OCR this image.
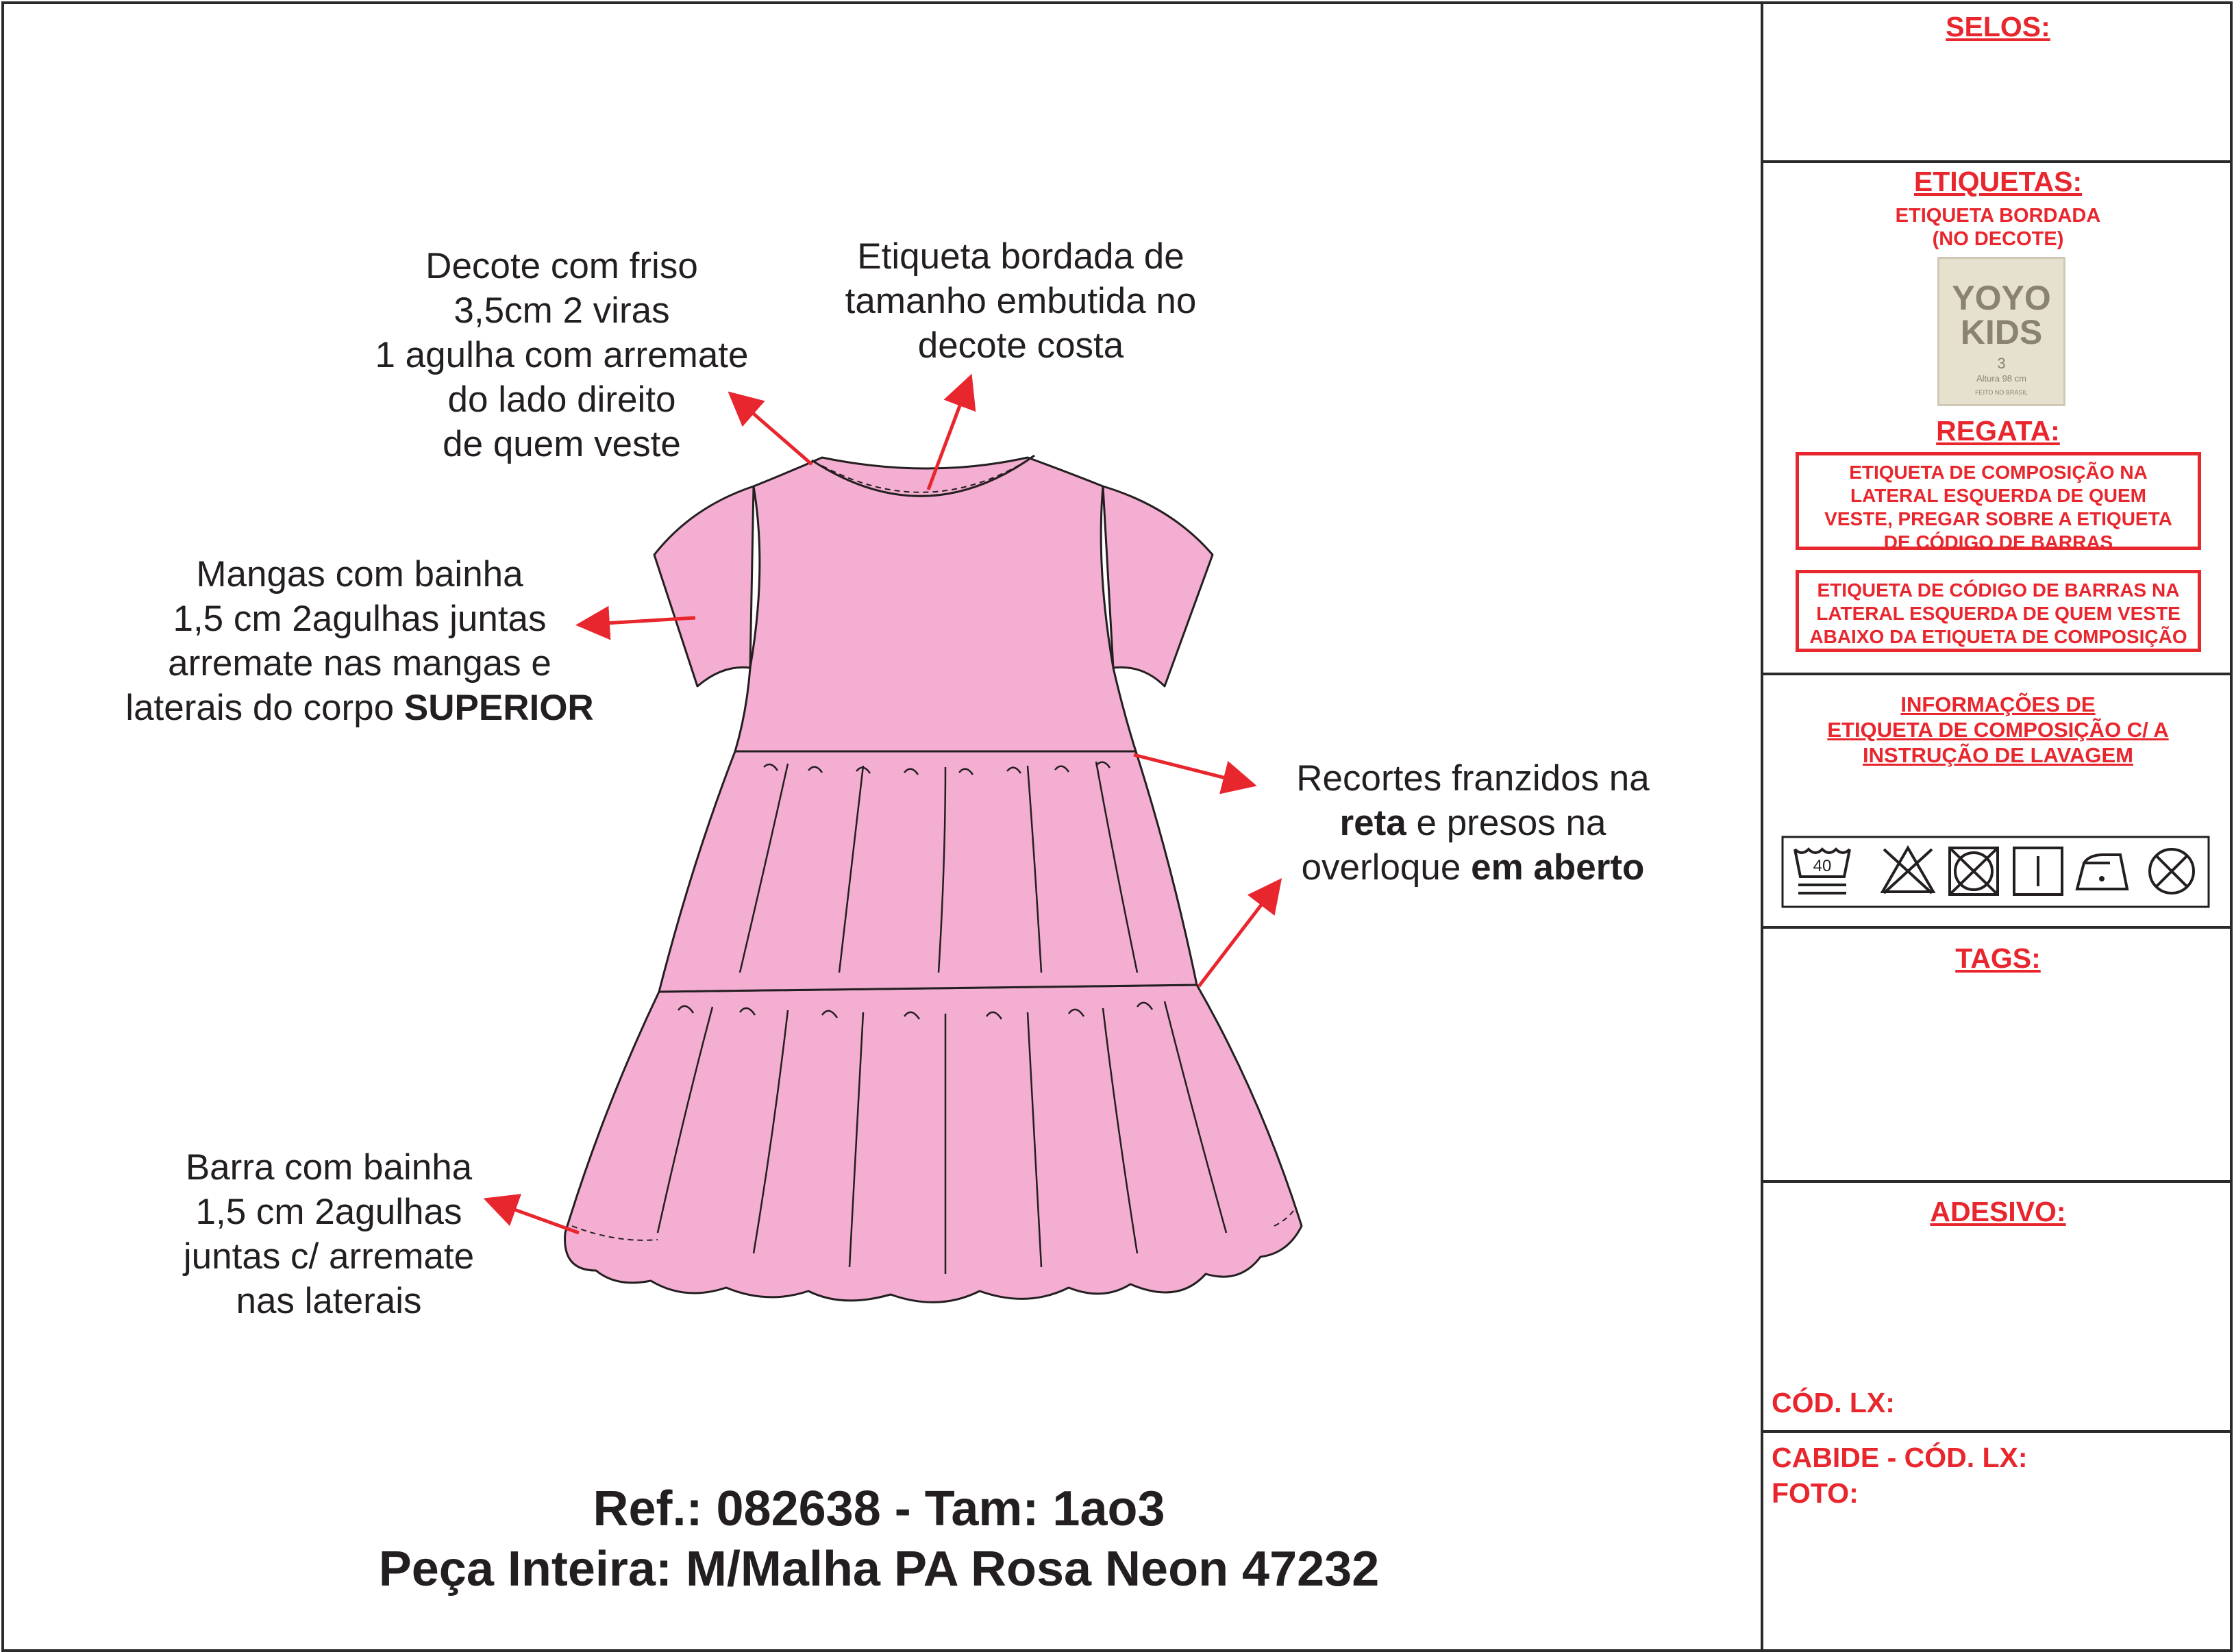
Decote com friso
3,5cm 2 viras
1 agulha com arremate
do lado direito
de quem veste
Etiqueta bordada de
tamanho embutida no
decote costa
Mangas com bainha
1,5 cm 2agulhas juntas
arremate nas mangas e
laterais do corpo SUPERIOR
Recortes franzidos na
reta e presos na
overloque em aberto
Barra com bainha
1,5 cm 2agulhas
juntas c/ arremate
nas laterais
Ref.: 082638 - Tam: 1ao3
Peça Inteira: M/Malha PA Rosa Neon 47232
SELOS:
ETIQUETAS:
ETIQUETA BORDADA
(NO DECOTE)
YOYO
KIDS
3
Altura 98 cm
FEITO NO BRASIL
REGATA:
ETIQUETA DE COMPOSIÇÃO NA
LATERAL ESQUERDA DE QUEM
VESTE, PREGAR SOBRE A ETIQUETA
DE CÓDIGO DE BARRAS
ETIQUETA DE CÓDIGO DE BARRAS NA
LATERAL ESQUERDA DE QUEM VESTE
ABAIXO DA ETIQUETA DE COMPOSIÇÃO
INFORMAÇÕES DE
ETIQUETA DE COMPOSIÇÃO C/ A
INSTRUÇÃO DE LAVAGEM
40
TAGS:
ADESIVO:
CÓD. LX:
CABIDE - CÓD. LX:
FOTO:
